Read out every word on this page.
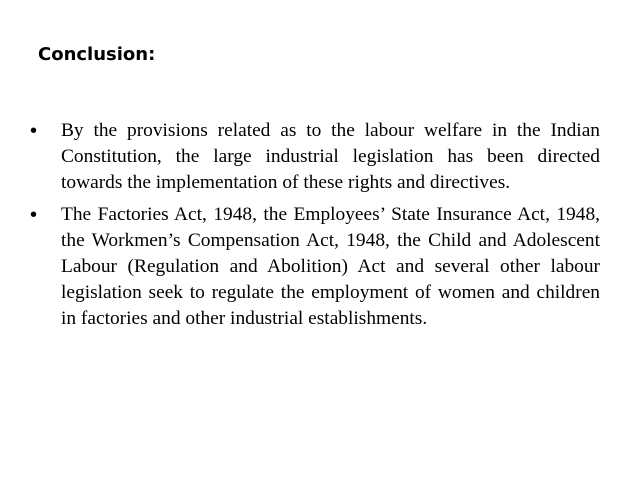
Conclusion:
• By the provisions related as to the labour welfare in the Indian Constitution, the large industrial legislation has been directed towards the implementation of these rights and directives.
• The Factories Act, 1948, the Employees’ State Insurance Act, 1948, the Workmen’s Compensation Act, 1948, the Child and Adolescent Labour (Regulation and Abolition) Act and several other labour legislation seek to regulate the employment of women and children in factories and other industrial establishments.
